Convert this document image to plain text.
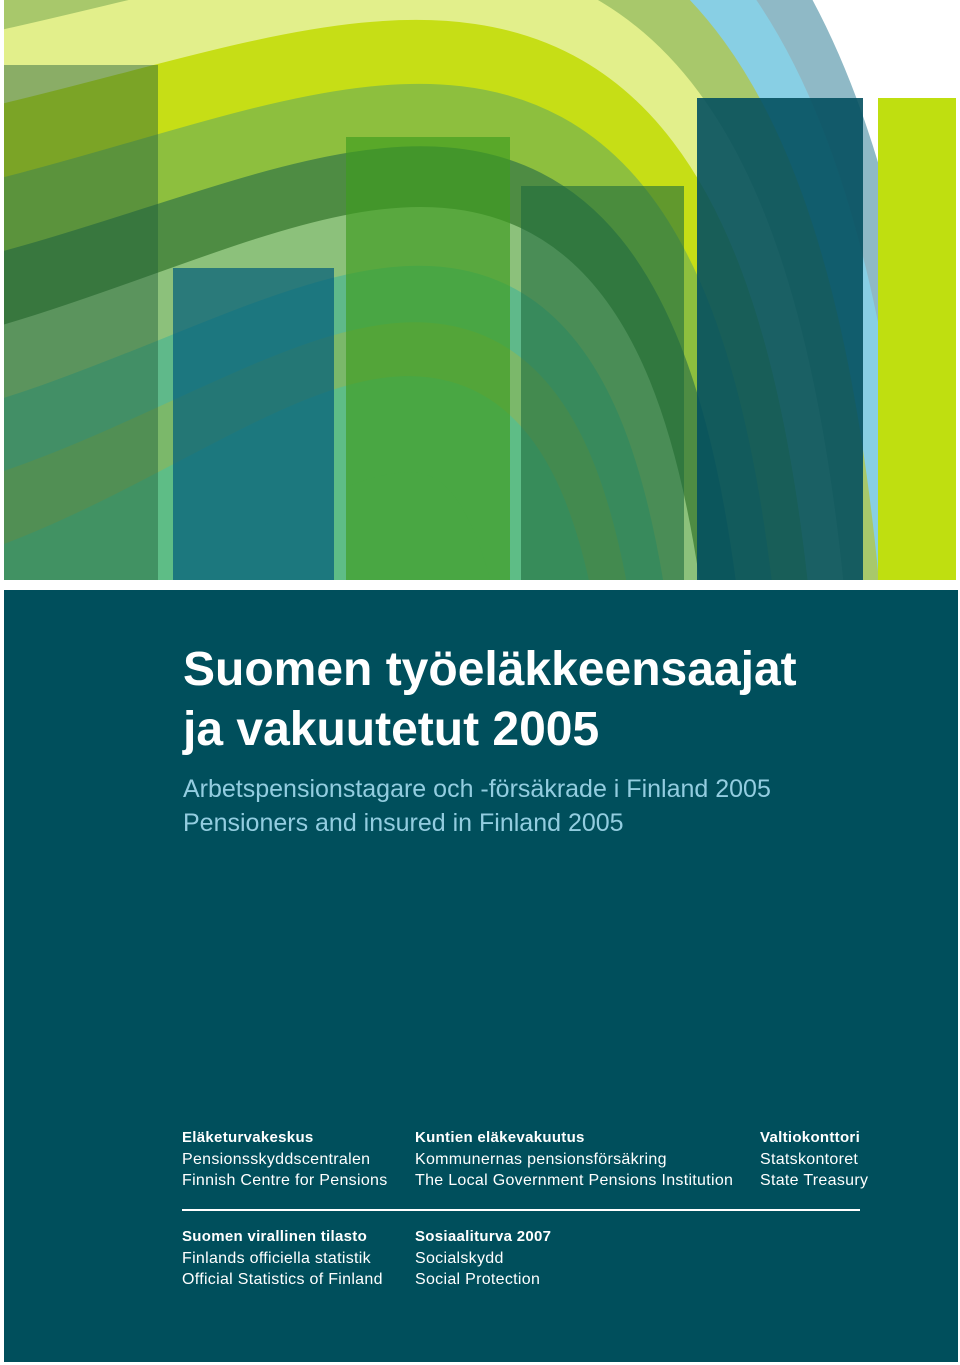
Suomen työeläkkeensaajat
ja vakuutetut 2005
Arbetspensionstagare och -försäkrade i Finland 2005
Pensioners and insured in Finland 2005
Eläketurvakeskus
Pensionsskyddscentralen
Finnish Centre for Pensions
Kuntien eläkevakuutus
Kommunernas pensionsförsäkring
The Local Government Pensions Institution
Valtiokonttori
Statskontoret
State Treasury
Suomen virallinen tilasto
Finlands officiella statistik
Official Statistics of Finland
Sosiaaliturva 2007
Socialskydd
Social Protection
